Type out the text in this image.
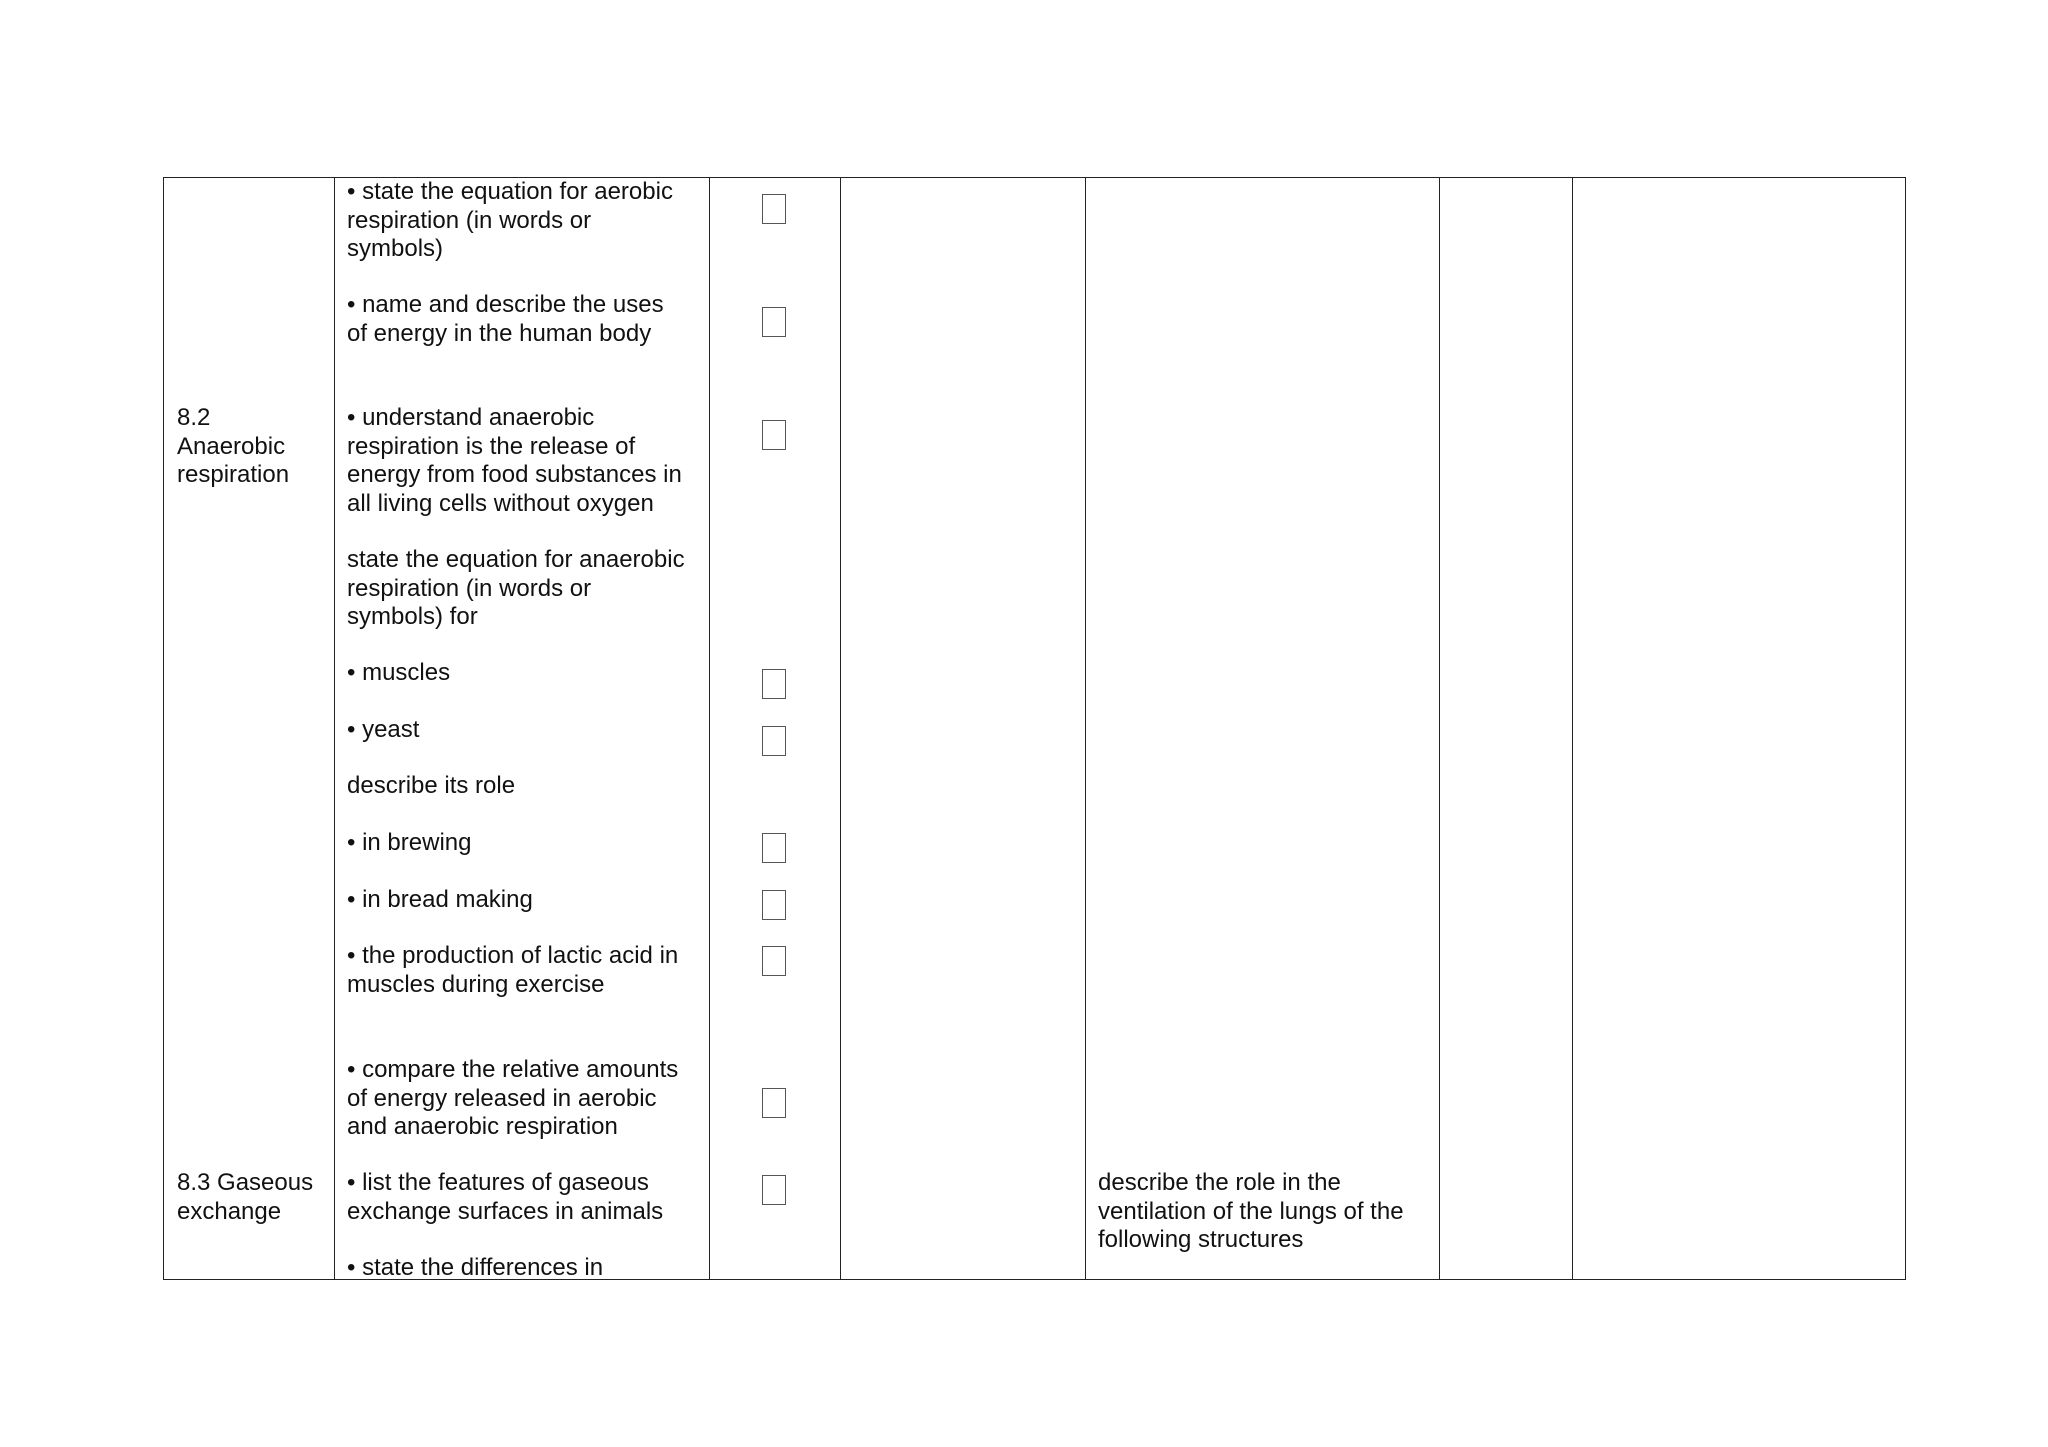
8.2
Anaerobic
respiration
8.3 Gaseous
exchange
• state the equation for aerobic
respiration (in words or
symbols)
• name and describe the uses
of energy in the human body
• understand anaerobic
respiration is the release of
energy from food substances in
all living cells without oxygen
state the equation for anaerobic
respiration (in words or
symbols) for
• muscles
• yeast
describe its role
• in brewing
• in bread making
• the production of lactic acid in
muscles during exercise
• compare the relative amounts
of energy released in aerobic
and anaerobic respiration
• list the features of gaseous
exchange surfaces in animals
• state the differences in
describe the role in the
ventilation of the lungs of the
following structures
